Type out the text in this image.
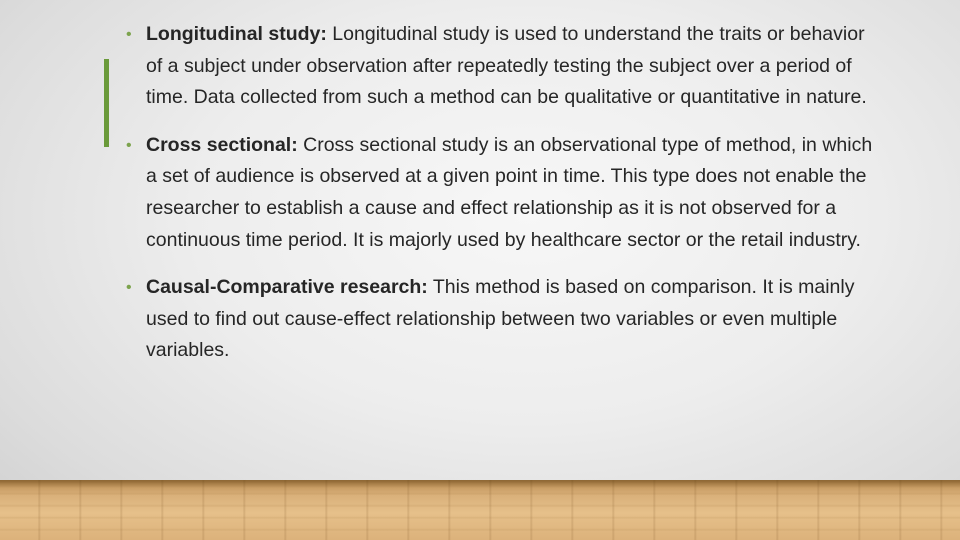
• Longitudinal study: Longitudinal study is used to understand the traits or behavior of a subject under observation after repeatedly testing the subject over a period of time. Data collected from such a method can be qualitative or quantitative in nature.
• Cross sectional: Cross sectional study is an observational type of method, in which a set of audience is observed at a given point in time. This type does not enable the researcher to establish a cause and effect relationship as it is not observed for a continuous time period. It is majorly used by healthcare sector or the retail industry.
• Causal-Comparative research: This method is based on comparison. It is mainly used to find out cause-effect relationship between two variables or even multiple variables.
